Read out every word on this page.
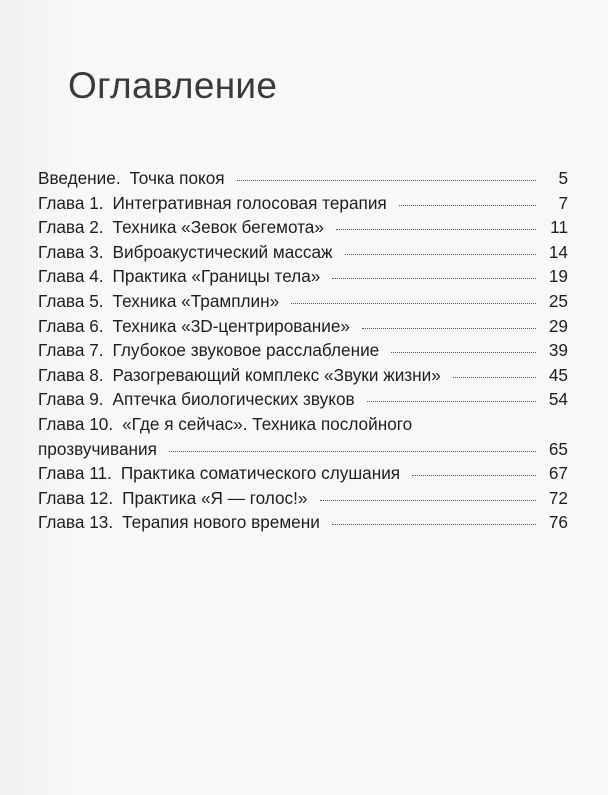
Оглавление
Введение. Точка покоя	5
Глава 1. Интегративная голосовая терапия	7
Глава 2. Техника «Зевок бегемота»	11
Глава 3. Виброакустический массаж	14
Глава 4. Практика «Границы тела»	19
Глава 5. Техника «Трамплин»	25
Глава 6. Техника «3D-центрирование»	29
Глава 7. Глубокое звуковое расслабление	39
Глава 8. Разогревающий комплекс «Звуки жизни»	45
Глава 9. Аптечка биологических звуков	54
Глава 10. «Где я сейчас». Техника послойного
прозвучивания	65
Глава 11. Практика соматического слушания	67
Глава 12. Практика «Я — голос!»	72
Глава 13. Терапия нового времени	76
